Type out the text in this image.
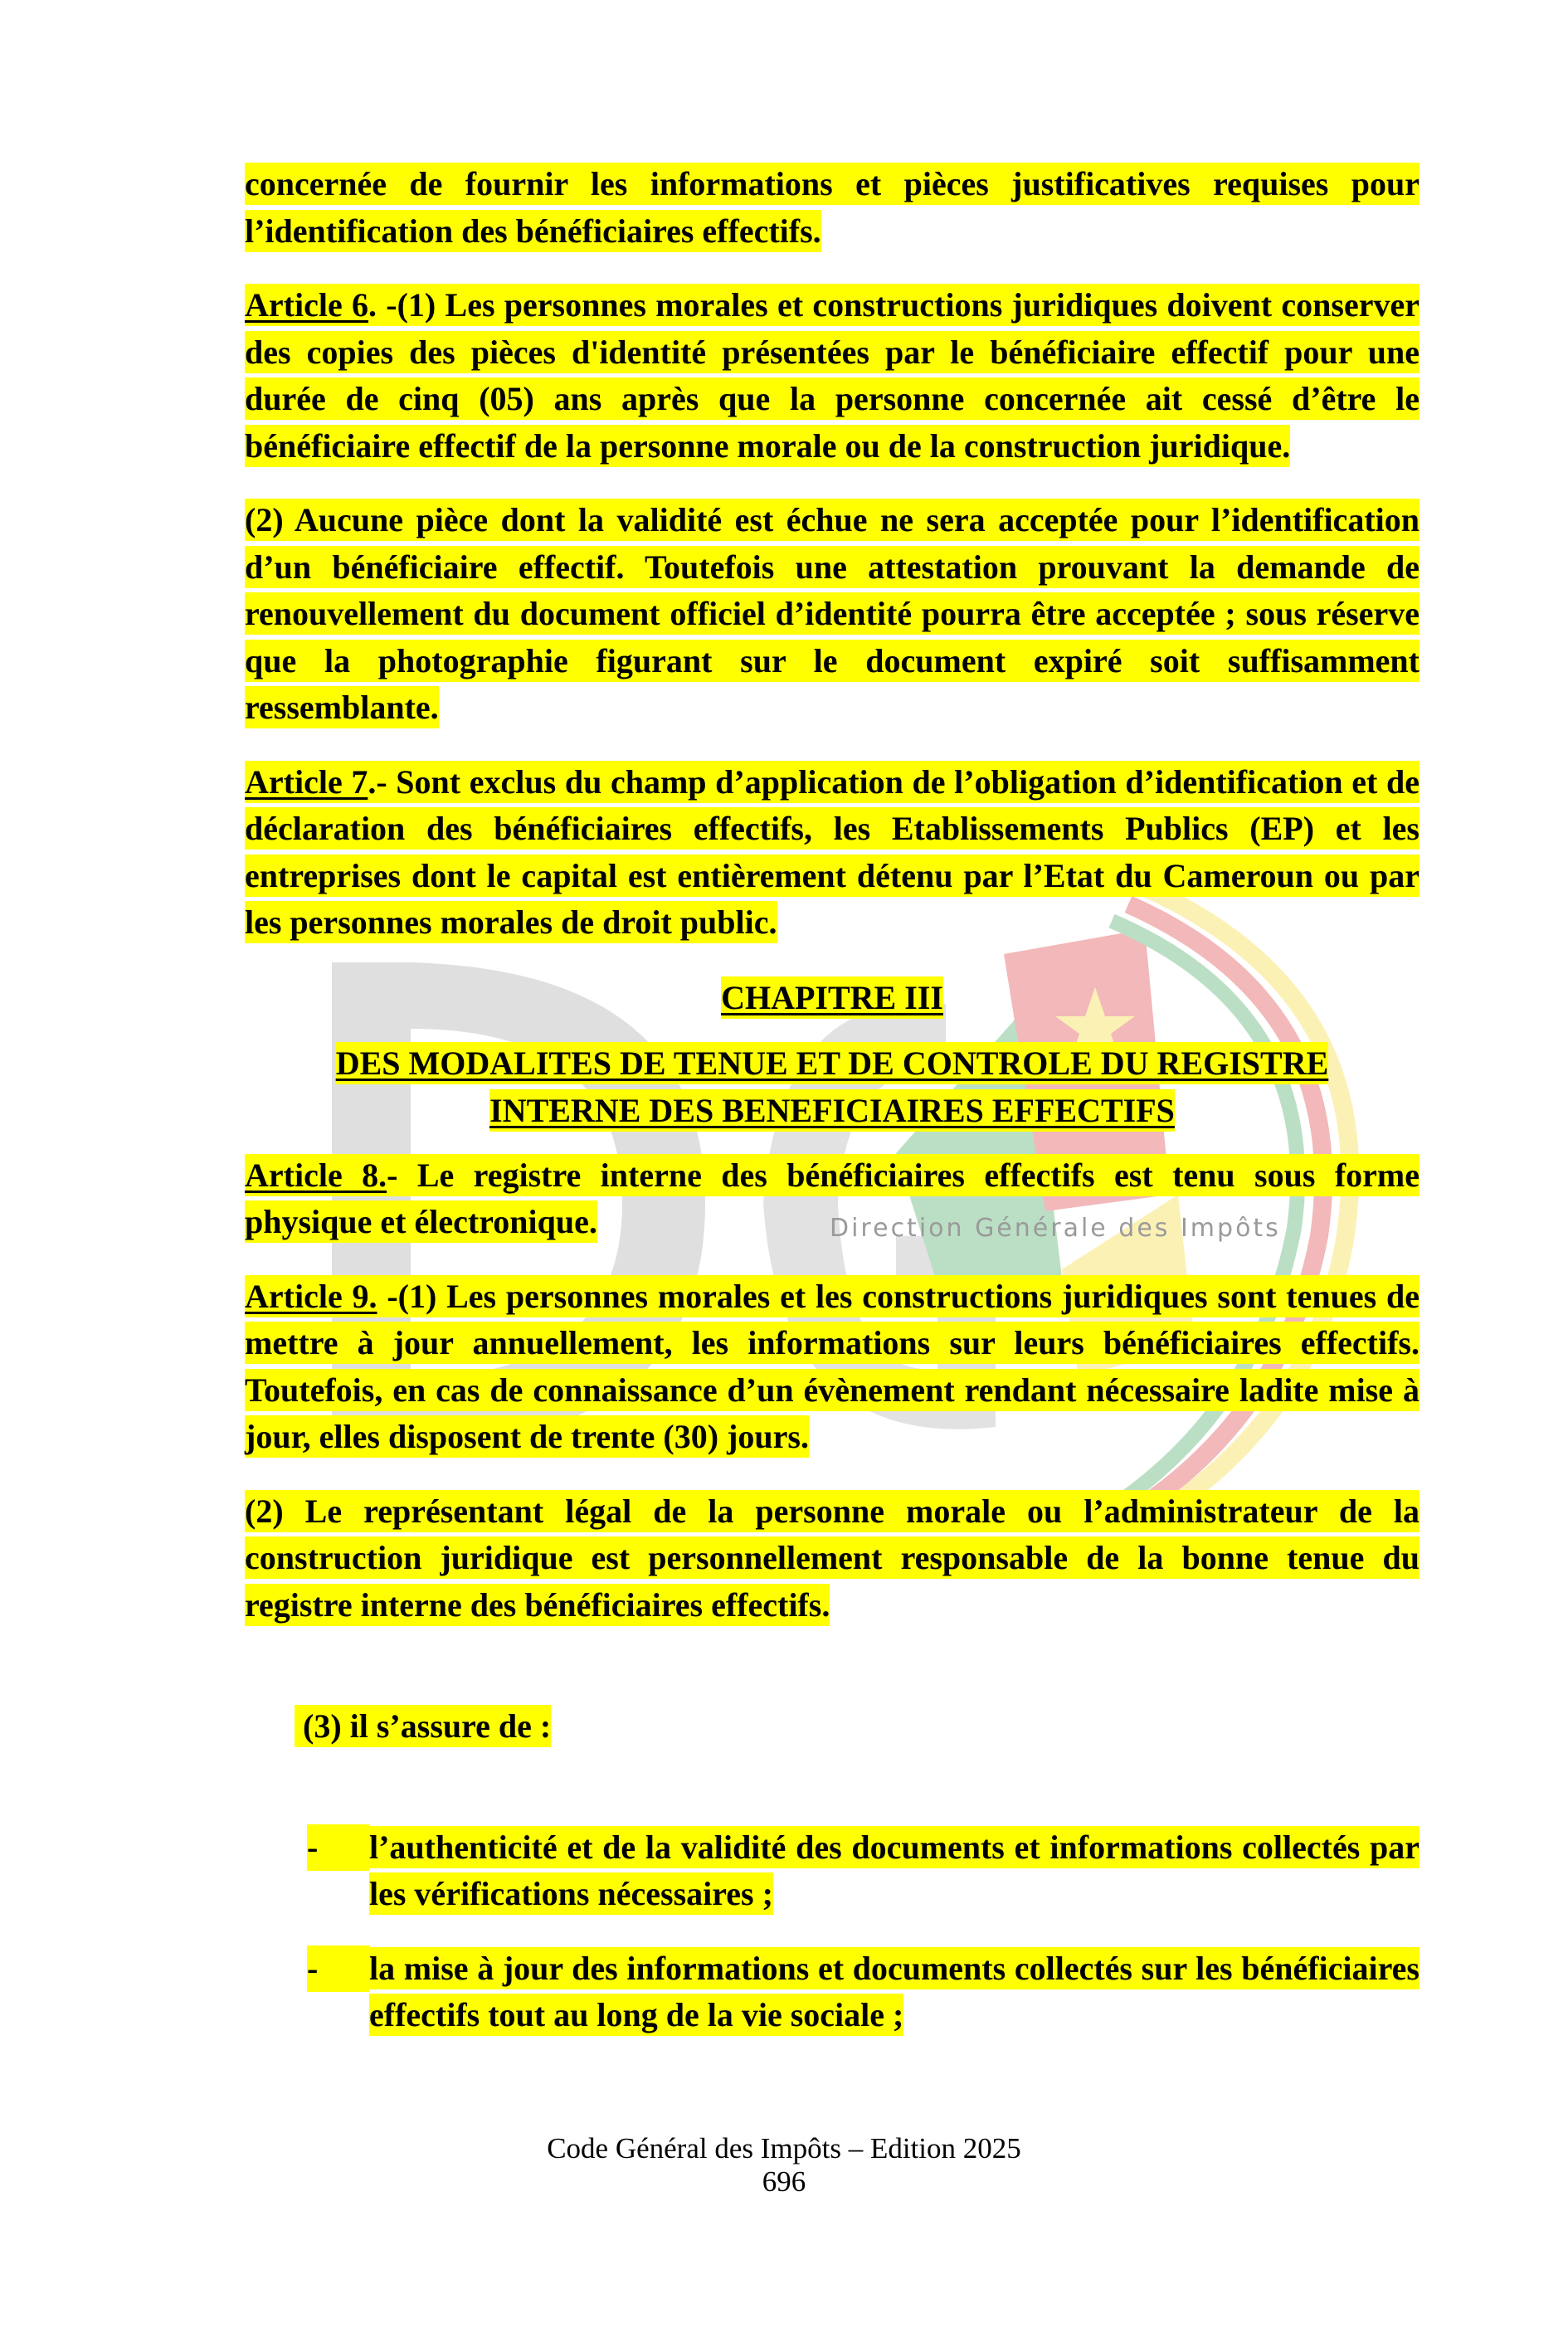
concernée de fournir les informations et pièces justificatives requises pour l’identification des bénéficiaires effectifs.

Article 6. -(1) Les personnes morales et constructions juridiques doivent conserver des copies des pièces d'identité présentées par le bénéficiaire effectif pour une durée de cinq (05) ans après que la personne concernée ait cessé d’être le bénéficiaire effectif de la personne morale ou de la construction juridique.

(2) Aucune pièce dont la validité est échue ne sera acceptée pour l’identification d’un bénéficiaire effectif. Toutefois une attestation prouvant la demande de renouvellement du document officiel d’identité pourra être acceptée ; sous réserve que la photographie figurant sur le document expiré soit suffisamment ressemblante.

Article 7.- Sont exclus du champ d’application de l’obligation d’identification et de déclaration des bénéficiaires effectifs, les Etablissements Publics (EP) et les entreprises dont le capital est entièrement détenu par l’Etat du Cameroun ou par les personnes morales de droit public.

CHAPITRE III

DES MODALITES DE TENUE ET DE CONTROLE DU REGISTRE
INTERNE DES BENEFICIAIRES EFFECTIFS

Article 8.- Le registre interne des bénéficiaires effectifs est tenu sous forme physique et électronique.

Article 9. -(1) Les personnes morales et les constructions juridiques sont tenues de mettre à jour annuellement, les informations sur leurs bénéficiaires effectifs. Toutefois, en cas de connaissance d’un évènement rendant nécessaire ladite mise à jour, elles disposent de trente (30) jours.

(2) Le représentant légal de la personne morale ou l’administrateur de la construction juridique est personnellement responsable de la bonne tenue du registre interne des bénéficiaires effectifs.

(3) il s’assure de :

-	l’authenticité et de la validité des documents et informations collectés par les vérifications nécessaires ;
-	la mise à jour des informations et documents collectés sur les bénéficiaires effectifs tout au long de la vie sociale ;
Direction Générale des Impôts
Code Général des Impôts – Edition 2025
696
